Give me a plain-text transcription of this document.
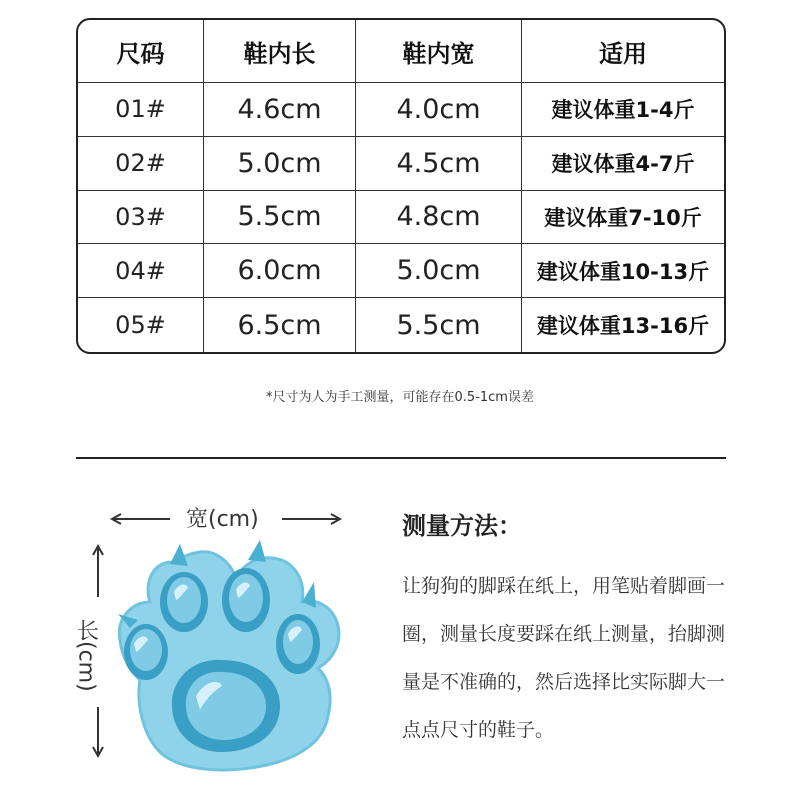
尺码	鞋内长	鞋内宽	适用
01#	4.6cm	4.0cm	建议体重1-4斤
02#	5.0cm	4.5cm	建议体重4-7斤
03#	5.5cm	4.8cm	建议体重7-10斤
04#	6.0cm	5.0cm	建议体重10-13斤
05#	6.5cm	5.5cm	建议体重13-16斤
*尺寸为人为手工测量，可能存在0.5-1cm误差
宽(cm)
长(cm)
测量方法：
让狗狗的脚踩在纸上，用笔贴着脚画一圈，测量长度要踩在纸上测量，抬脚测量是不准确的，然后选择比实际脚大一点点尺寸的鞋子。
